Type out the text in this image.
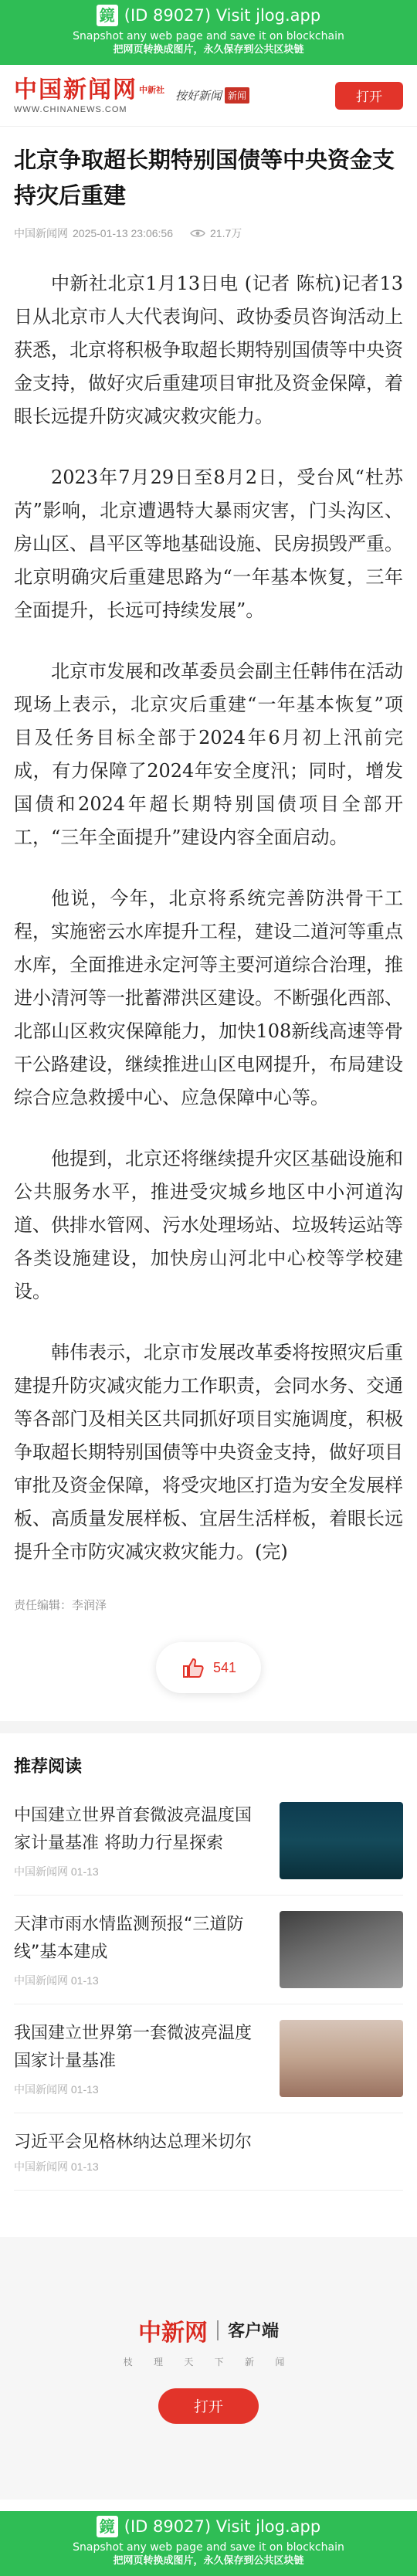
鏡 (ID 89027) Visit jlog.app
Snapshot any web page and save it on blockchain
把网页转换成图片，永久保存到公共区块链
中国新闻网 $^{中新社}$
WWW.CHINANEWS.COM
按好新闻 新闻	打开
北京争取超长期特别国债等中央资金支持灾后重建
中国新闻网 2025-01-13 23:06:56	21.7万

中新社北京1月13日电 (记者 陈杭)记者13日从北京市人大代表询问、政协委员咨询活动上获悉，北京将积极争取超长期特别国债等中央资金支持，做好灾后重建项目审批及资金保障，着眼长远提升防灾减灾救灾能力。

2023年7月29日至8月2日，受台风“杜苏芮”影响，北京遭遇特大暴雨灾害，门头沟区、房山区、昌平区等地基础设施、民房损毁严重。北京明确灾后重建思路为“一年基本恢复，三年全面提升，长远可持续发展”。

北京市发展和改革委员会副主任韩伟在活动现场上表示，北京灾后重建“一年基本恢复”项目及任务目标全部于2024年6月初上汛前完成，有力保障了2024年安全度汛；同时，增发国债和2024年超长期特别国债项目全部开工，“三年全面提升”建设内容全面启动。

他说，今年，北京将系统完善防洪骨干工程，实施密云水库提升工程，建设二道河等重点水库，全面推进永定河等主要河道综合治理，推进小清河等一批蓄滞洪区建设。不断强化西部、北部山区救灾保障能力，加快108新线高速等骨干公路建设，继续推进山区电网提升，布局建设综合应急救援中心、应急保障中心等。

他提到，北京还将继续提升灾区基础设施和公共服务水平，推进受灾城乡地区中小河道沟道、供排水管网、污水处理场站、垃圾转运站等各类设施建设，加快房山河北中心校等学校建设。

韩伟表示，北京市发展改革委将按照灾后重建提升防灾减灾能力工作职责，会同水务、交通等各部门及相关区共同抓好项目实施调度，积极争取超长期特别国债等中央资金支持，做好项目审批及资金保障，将受灾地区打造为安全发展样板、高质量发展样板、宜居生活样板，着眼长远提升全市防灾减灾救灾能力。(完)

责任编辑：李润泽
541
推荐阅读
中国建立世界首套微波亮温度国家计量基准 将助力行星探索
中国新闻网 01-13
天津市雨水情监测预报“三道防线”基本建成
中国新闻网 01-13
我国建立世界第一套微波亮温度国家计量基准
中国新闻网 01-13
习近平会见格林纳达总理米切尔
中国新闻网 01-13
中新网 客户端
枝 理 天 下 新 闻
打开
鏡 (ID 89027) Visit jlog.app
Snapshot any web page and save it on blockchain
把网页转换成图片，永久保存到公共区块链
